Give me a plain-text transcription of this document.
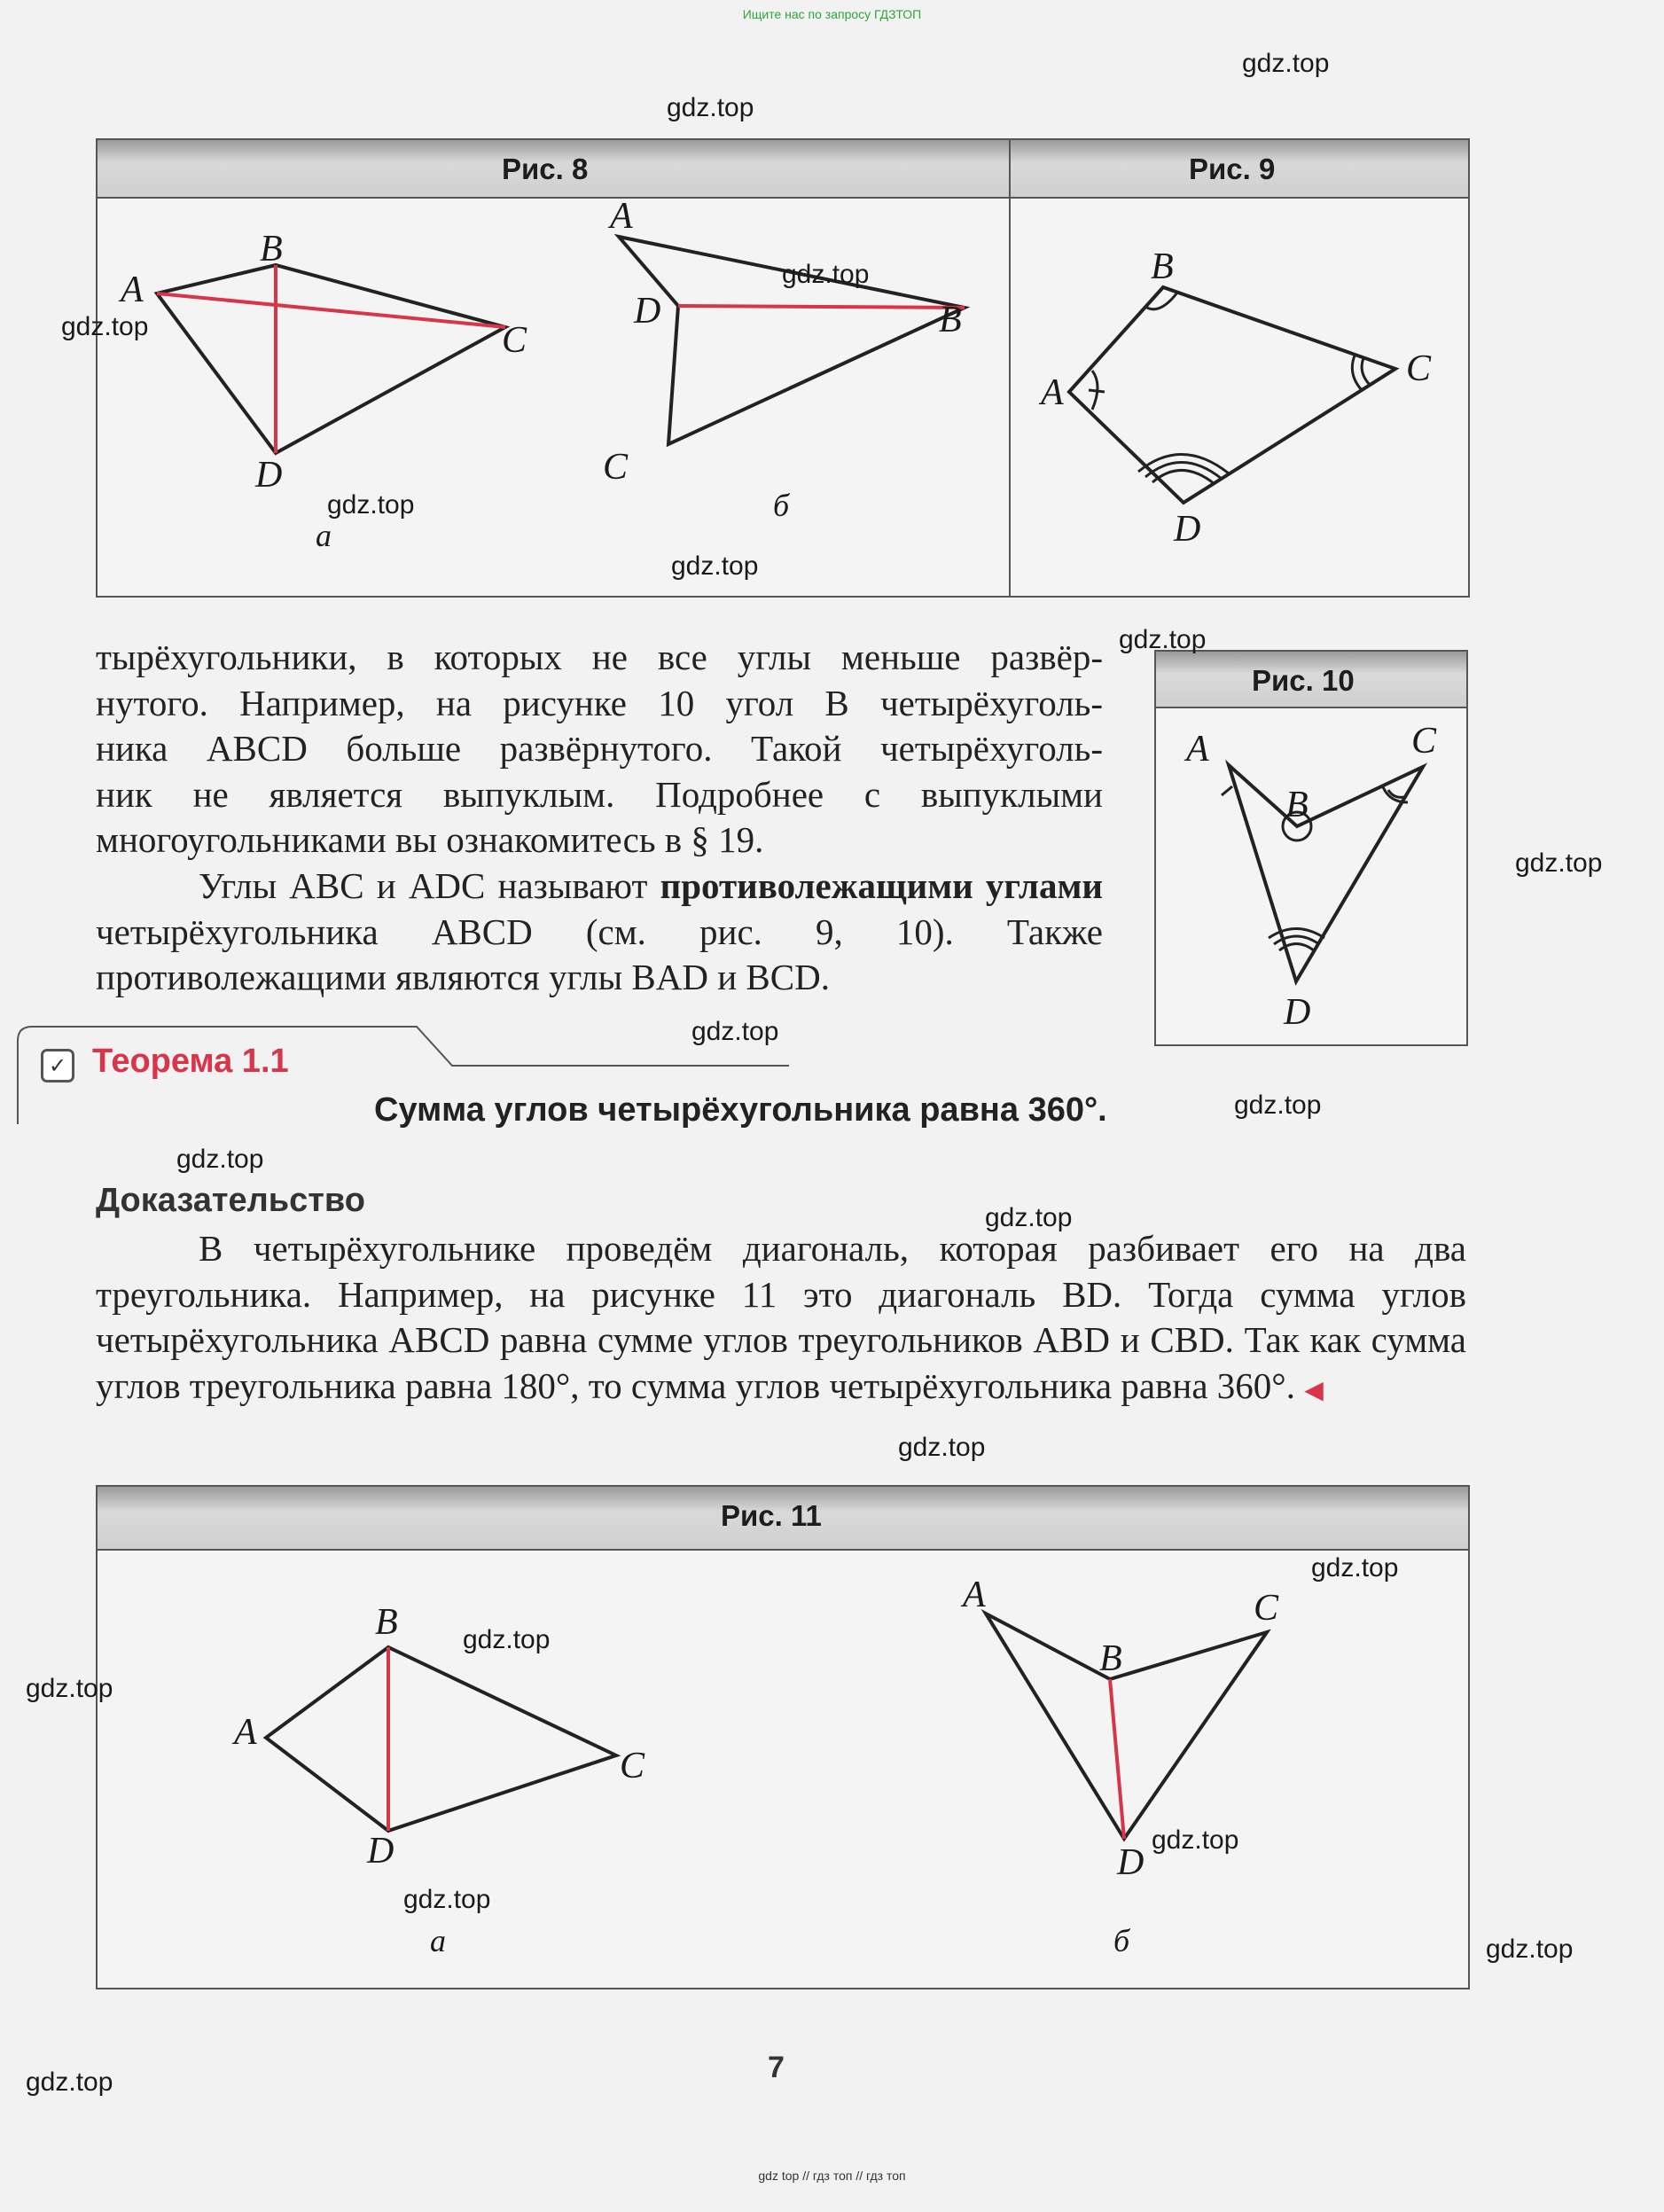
Ищите нас по запросу ГДЗТОП
gdz top // гдз топ // гдз топ
Рис. 8	Рис. 9
B
A
C
D
а
A
D	B
C
б
B
C
A
D
Рис. 10
A	C
B
D
тырёхугольники, в которых не все углы меньше развёр-
нутого. Например, на рисунке 10 угол B четырёхуголь-
ника ABCD больше развёрнутого. Такой четырёхуголь-
ник не является выпуклым. Подробнее с выпуклыми
многоугольниками вы ознакомитесь в § 19.

Углы ABC и ADC называют противолежащими углами четырёхугольника ABCD (см. рис. 9, 10). Также противолежащими являются углы BAD и BCD.

✓ Теорема 1.1
Сумма углов четырёхугольника равна 360°.
Доказательство

В четырёхугольнике проведём диагональ, которая разбивает его на два треугольника. Например, на рисунке 11 это диагональ BD. Тогда сумма углов четырёхугольника ABCD равна сумме углов треугольников ABD и CBD. Так как сумма углов треугольника равна 180°, то сумма углов четырёхугольника равна 360°. ◀

Рис. 11
B
A
C
D
а
A	C
B
D
б
7
gdz.top
gdz.top
gdz.top
gdz.top
gdz.top
gdz.top
gdz.top
gdz.top
gdz.top
gdz.top
gdz.top
gdz.top
gdz.top
gdz.top
gdz.top
gdz.top
gdz.top
gdz.top
gdz.top
gdz.top
